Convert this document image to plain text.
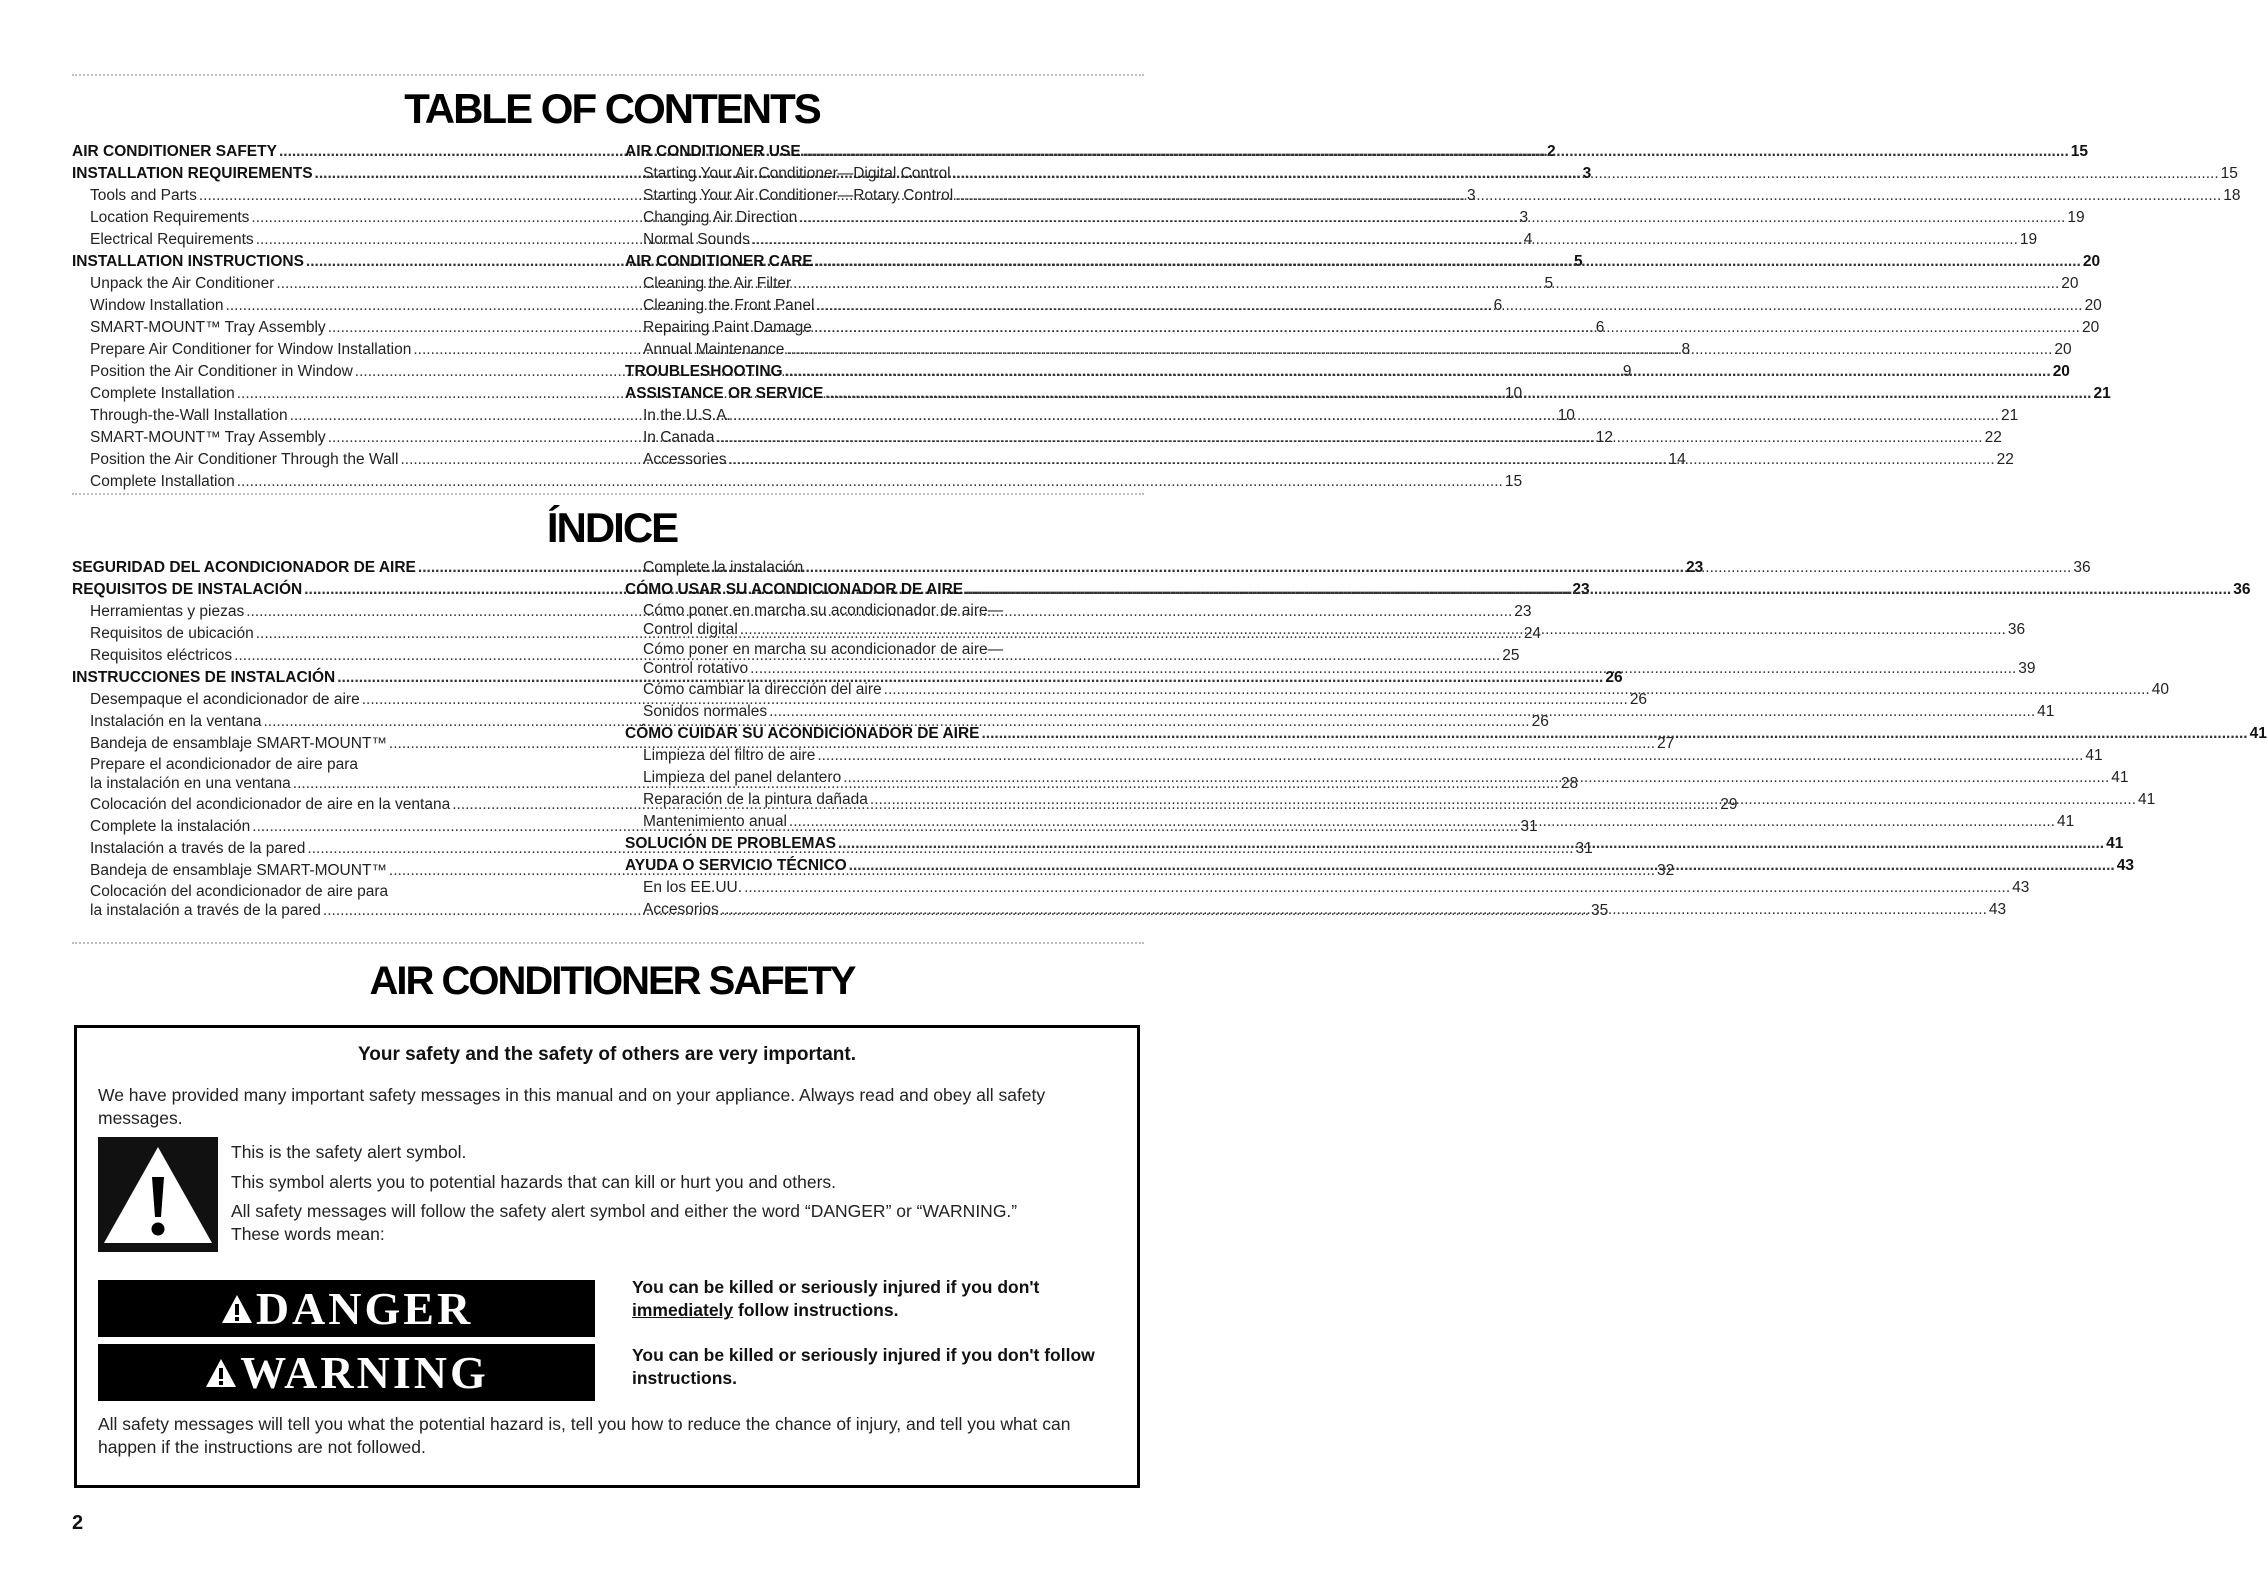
TABLE OF CONTENTS
AIR CONDITIONER SAFETY .....	2
INSTALLATION REQUIREMENTS .....	3
Tools and Parts .....	3
Location Requirements .....	3
Electrical Requirements .....	4
INSTALLATION INSTRUCTIONS .....	5
Unpack the Air Conditioner .....	5
Window Installation .....	6
SMART-MOUNT™ Tray Assembly .....	6
Prepare Air Conditioner for Window Installation .....	8
Position the Air Conditioner in Window .....	9
Complete Installation .....	10
Through-the-Wall Installation .....	10
SMART-MOUNT™ Tray Assembly .....	12
Position the Air Conditioner Through the Wall .....	14
Complete Installation .....	15
AIR CONDITIONER USE .....	15
Starting Your Air Conditioner—Digital Control .....	15
Starting Your Air Conditioner—Rotary Control .....	18
Changing Air Direction .....	19
Normal Sounds .....	19
AIR CONDITIONER CARE .....	20
Cleaning the Air Filter .....	20
Cleaning the Front Panel .....	20
Repairing Paint Damage .....	20
Annual Maintenance .....	20
TROUBLESHOOTING .....	20
ASSISTANCE OR SERVICE .....	21
In the U.S.A. .....	21
In Canada .....	22
Accessories .....	22
ÍNDICE
SEGURIDAD DEL ACONDICIONADOR DE AIRE .....	23
REQUISITOS DE INSTALACIÓN .....	23
Herramientas y piezas .....	23
Requisitos de ubicación .....	24
Requisitos eléctricos .....	25
INSTRUCCIONES DE INSTALACIÓN .....	26
Desempaque el acondicionador de aire .....	26
Instalación en la ventana .....	26
Bandeja de ensamblaje SMART-MOUNT™ .....	27
Prepare el acondicionador de aire para
la instalación en una ventana .....	28
Colocación del acondicionador de aire en la ventana .....	29
Complete la instalación .....	31
Instalación a través de la pared .....	31
Bandeja de ensamblaje SMART-MOUNT™ .....	32
Colocación del acondicionador de aire para
la instalación a través de la pared .....	35
Complete la instalación .....	36
CÓMO USAR SU ACONDICIONADOR DE AIRE .....	36
Cómo poner en marcha su acondicionador de aire—
Control digital .....	36
Cómo poner en marcha su acondicionador de aire—
Control rotativo .....	39
Cómo cambiar la dirección del aire .....	40
Sonidos normales .....	41
CÓMO CUIDAR SU ACONDICIONADOR DE AIRE .....	41
Limpieza del filtro de aire .....	41
Limpieza del panel delantero .....	41
Reparación de la pintura dañada .....	41
Mantenimiento anual .....	41
SOLUCIÓN DE PROBLEMAS .....	41
AYUDA O SERVICIO TÉCNICO .....	43
En los EE.UU. .....	43
Accesorios .....	43
AIR CONDITIONER SAFETY
Your safety and the safety of others are very important.
We have provided many important safety messages in this manual and on your appliance. Always read and obey all safety messages.
This is the safety alert symbol.
This symbol alerts you to potential hazards that can kill or hurt you and others.
All safety messages will follow the safety alert symbol and either the word “DANGER” or “WARNING.” These words mean:
DANGER	You can be killed or seriously injured if you don't
immediately follow instructions.
WARNING	You can be killed or seriously injured if you don't follow instructions.
All safety messages will tell you what the potential hazard is, tell you how to reduce the chance of injury, and tell you what can happen if the instructions are not followed.
2
